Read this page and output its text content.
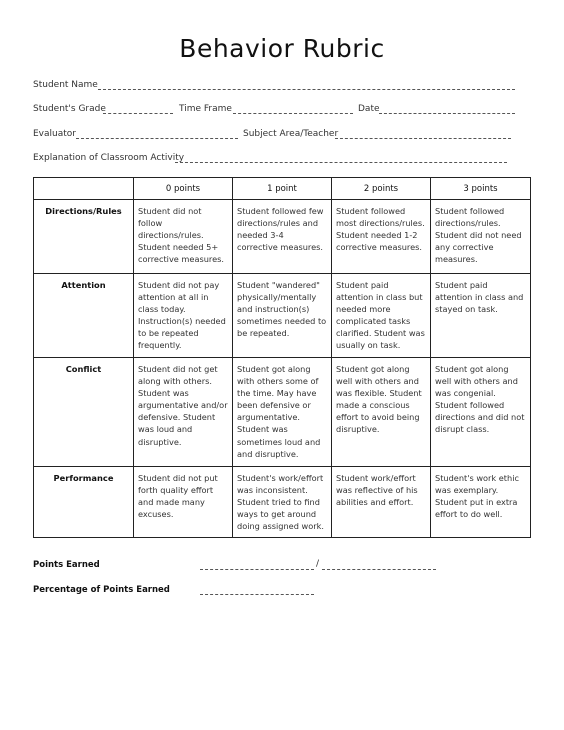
Behavior Rubric
Student Name
Student's Grade	Time Frame	Date
Evaluator	Subject Area/Teacher
Explanation of Classroom Activity
	0 points	1 point	2 points	3 points
Directions/Rules	Student did not follow directions/rules. Student needed 5+ corrective measures.	Student followed few directions/rules and needed 3-4 corrective measures.	Student followed most directions/rules. Student needed 1-2 corrective measures.	Student followed directions/rules. Student did not need any corrective measures.
Attention	Student did not pay attention at all in class today. Instruction(s) needed to be repeated frequently.	Student "wandered" physically/mentally and instruction(s) sometimes needed to be repeated.	Student paid attention in class but needed more complicated tasks clarified. Student was usually on task.	Student paid attention in class and stayed on task.
Conflict	Student did not get along with others. Student was argumentative and/or defensive. Student was loud and disruptive.	Student got along with others some of the time. May have been defensive or argumentative. Student was sometimes loud and and disruptive.	Student got along well with others and was flexible. Student made a conscious effort to avoid being disruptive.	Student got along well with others and was congenial. Student followed directions and did not disrupt class.
Performance	Student did not put forth quality effort and made many excuses.	Student's work/effort was inconsistent. Student tried to find ways to get around doing assigned work.	Student work/effort was reflective of his abilities and effort.	Student's work ethic was exemplary. Student put in extra effort to do well.
Points Earned	/
Percentage of Points Earned
